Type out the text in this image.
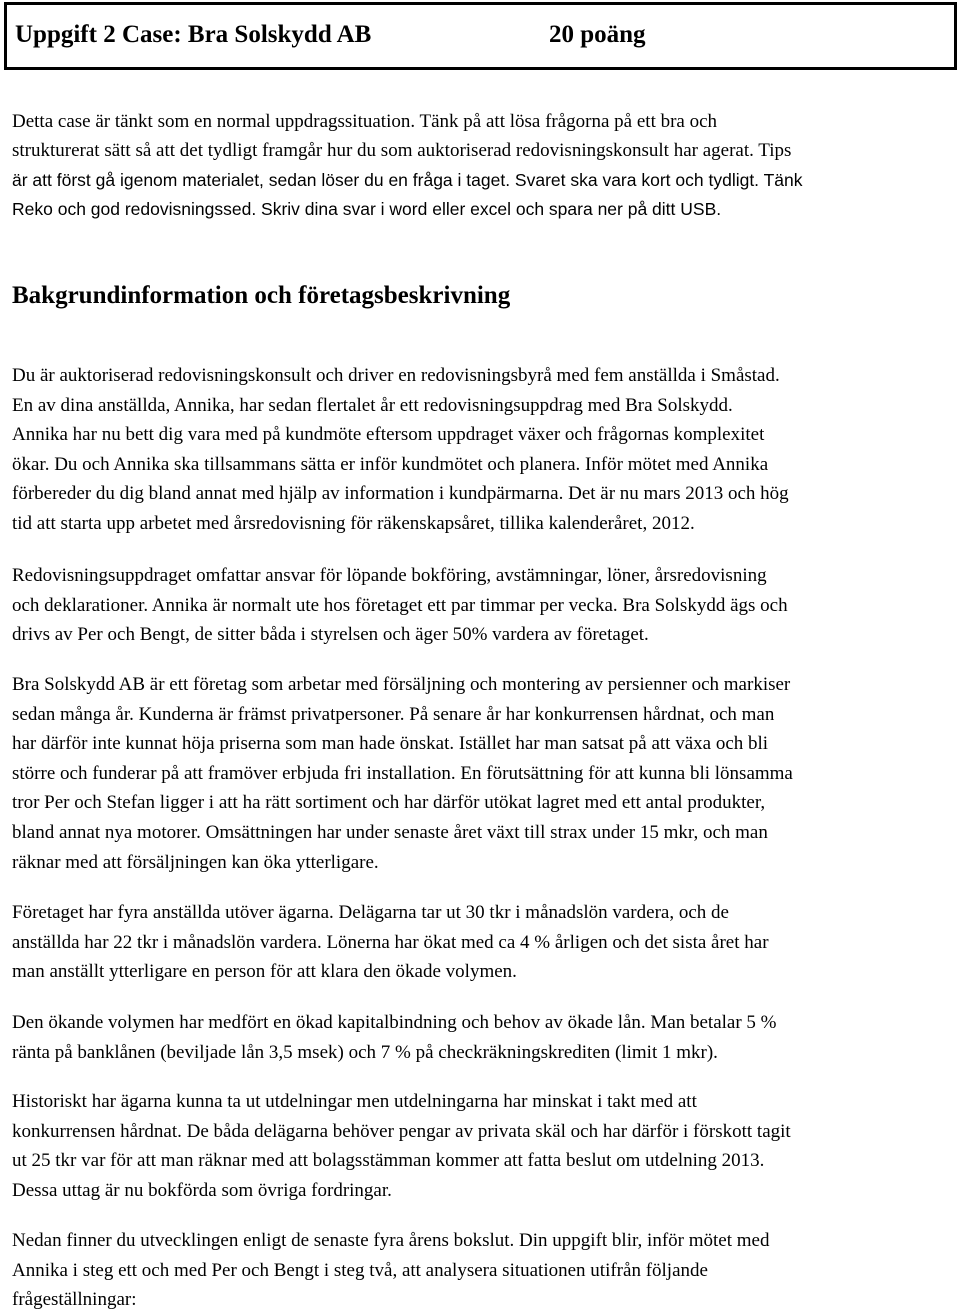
Uppgift 2 Case: Bra Solskydd AB	20 poäng
Detta case är tänkt som en normal uppdragssituation. Tänk på att lösa frågorna på ett bra och
strukturerat sätt så att det tydligt framgår hur du som auktoriserad redovisningskonsult har agerat. Tips
är att först gå igenom materialet, sedan löser du en fråga i taget. Svaret ska vara kort och tydligt. Tänk
Reko och god redovisningssed. Skriv dina svar i word eller excel och spara ner på ditt USB.
Bakgrundinformation och företagsbeskrivning
Du är auktoriserad redovisningskonsult och driver en redovisningsbyrå med fem anställda i Småstad.
En av dina anställda, Annika, har sedan flertalet år ett redovisningsuppdrag med Bra Solskydd.
Annika har nu bett dig vara med på kundmöte eftersom uppdraget växer och frågornas komplexitet
ökar. Du och Annika ska tillsammans sätta er inför kundmötet och planera. Inför mötet med Annika
förbereder du dig bland annat med hjälp av information i kundpärmarna. Det är nu mars 2013 och hög
tid att starta upp arbetet med årsredovisning för räkenskapsåret, tillika kalenderåret, 2012.
Redovisningsuppdraget omfattar ansvar för löpande bokföring, avstämningar, löner, årsredovisning
och deklarationer. Annika är normalt ute hos företaget ett par timmar per vecka. Bra Solskydd ägs och
drivs av Per och Bengt, de sitter båda i styrelsen och äger 50% vardera av företaget.
Bra Solskydd AB är ett företag som arbetar med försäljning och montering av persienner och markiser
sedan många år. Kunderna är främst privatpersoner. På senare år har konkurrensen hårdnat, och man
har därför inte kunnat höja priserna som man hade önskat. Istället har man satsat på att växa och bli
större och funderar på att framöver erbjuda fri installation. En förutsättning för att kunna bli lönsamma
tror Per och Stefan ligger i att ha rätt sortiment och har därför utökat lagret med ett antal produkter,
bland annat nya motorer. Omsättningen har under senaste året växt till strax under 15 mkr, och man
räknar med att försäljningen kan öka ytterligare.
Företaget har fyra anställda utöver ägarna. Delägarna tar ut 30 tkr i månadslön vardera, och de
anställda har 22 tkr i månadslön vardera. Lönerna har ökat med ca 4 % årligen och det sista året har
man anställt ytterligare en person för att klara den ökade volymen.
Den ökande volymen har medfört en ökad kapitalbindning och behov av ökade lån. Man betalar 5 %
ränta på banklånen (beviljade lån 3,5 msek) och 7 % på checkräkningskrediten (limit 1 mkr).
Historiskt har ägarna kunna ta ut utdelningar men utdelningarna har minskat i takt med att
konkurrensen hårdnat. De båda delägarna behöver pengar av privata skäl och har därför i förskott tagit
ut 25 tkr var för att man räknar med att bolagsstämman kommer att fatta beslut om utdelning 2013.
Dessa uttag är nu bokförda som övriga fordringar.
Nedan finner du utvecklingen enligt de senaste fyra årens bokslut. Din uppgift blir, inför mötet med
Annika i steg ett och med Per och Bengt i steg två, att analysera situationen utifrån följande
frågeställningar:
